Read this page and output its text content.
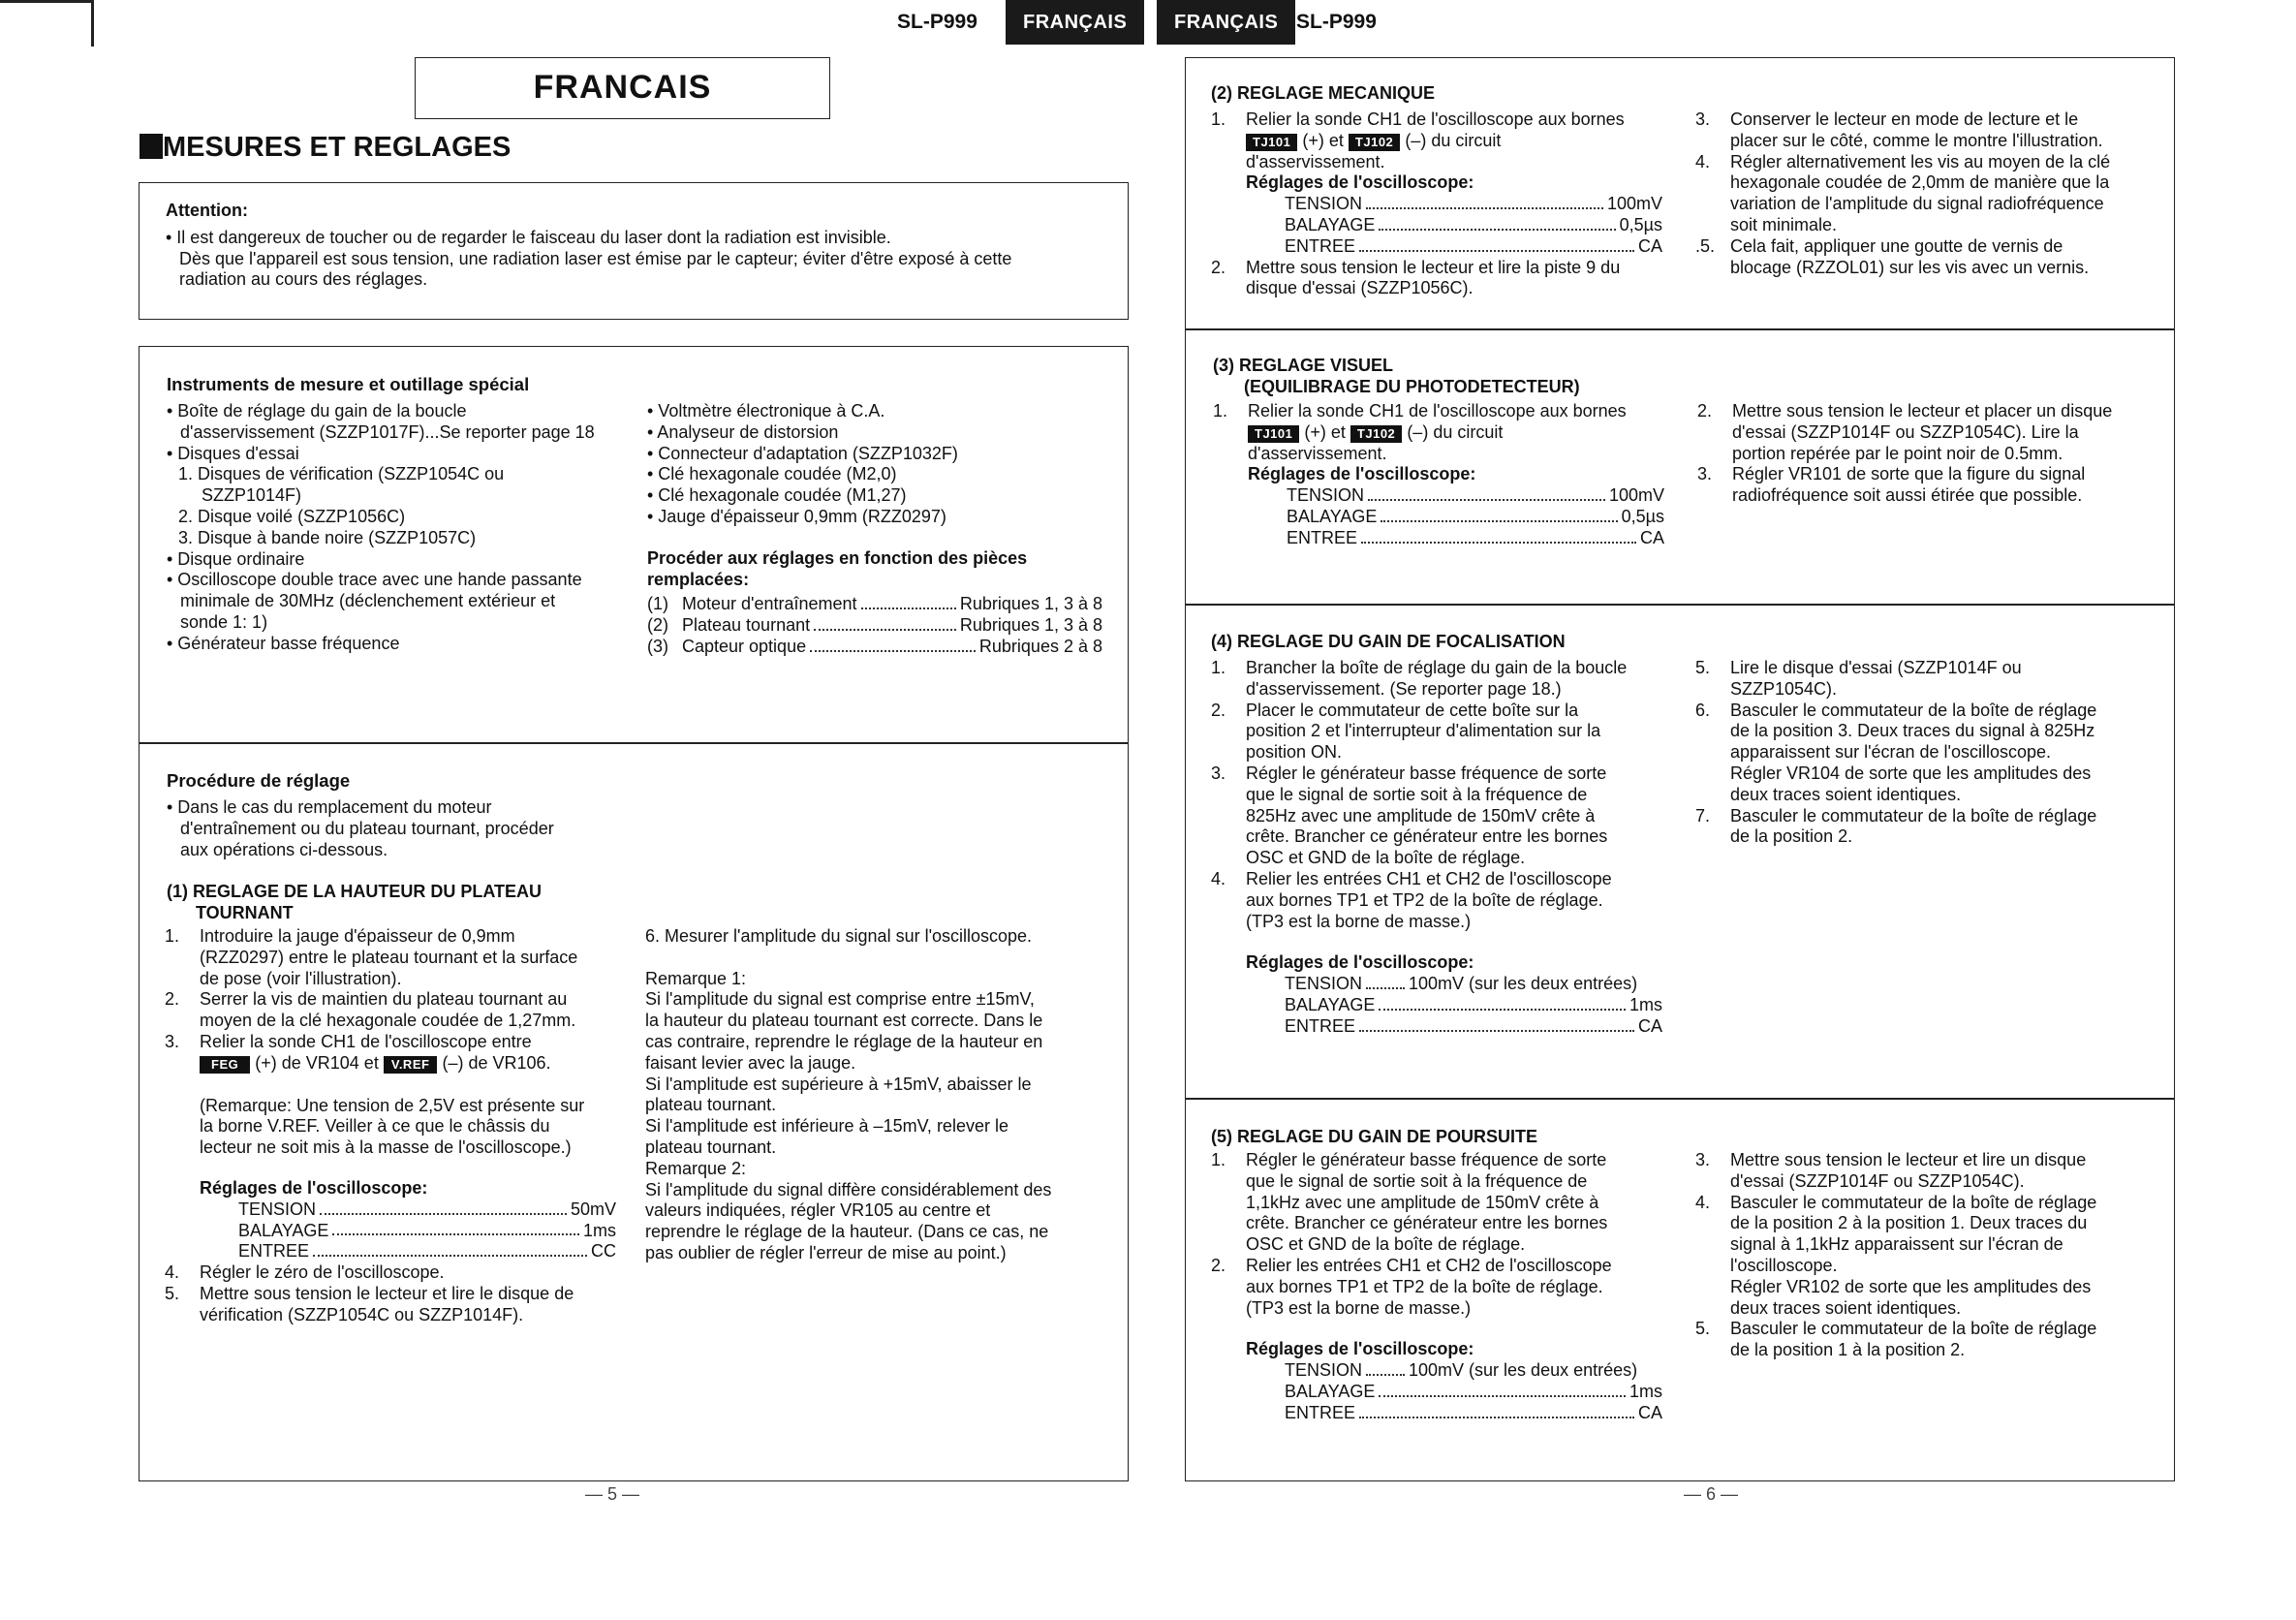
SL-P999	FRANÇAIS	FRANÇAIS SL-P999
FRANCAIS
MESURES ET REGLAGES
Attention:
• Il est dangereux de toucher ou de regarder le faisceau du laser dont la radiation est invisible.
Dès que l'appareil est sous tension, une radiation laser est émise par le capteur; éviter d'être exposé à cette
radiation au cours des réglages.
Instruments de mesure et outillage spécial
• Boîte de réglage du gain de la boucle
d'asservissement (SZZP1017F)...Se reporter page 18
• Disques d'essai
1. Disques de vérification (SZZP1054C ou
SZZP1014F)
2. Disque voilé (SZZP1056C)
3. Disque à bande noire (SZZP1057C)
• Disque ordinaire
• Oscilloscope double trace avec une hande passante
minimale de 30MHz (déclenchement extérieur et
sonde 1: 1)
• Générateur basse fréquence
• Voltmètre électronique à C.A.
• Analyseur de distorsion
• Connecteur d'adaptation (SZZP1032F)
• Clé hexagonale coudée (M2,0)
• Clé hexagonale coudée (M1,27)
• Jauge d'épaisseur 0,9mm (RZZ0297)
Procéder aux réglages en fonction des pièces
remplacées:
(1) Moteur d'entraînement	Rubriques 1, 3 à 8
(2) Plateau tournant	Rubriques 1, 3 à 8
(3) Capteur optique	Rubriques 2 à 8
Procédure de réglage
• Dans le cas du remplacement du moteur
d'entraînement ou du plateau tournant, procéder
aux opérations ci-dessous.
(1) REGLAGE DE LA HAUTEUR DU PLATEAU
TOURNANT
1. Introduire la jauge d'épaisseur de 0,9mm
(RZZ0297) entre le plateau tournant et la surface
de pose (voir l'illustration).
2. Serrer la vis de maintien du plateau tournant au
moyen de la clé hexagonale coudée de 1,27mm.
3. Relier la sonde CH1 de l'oscilloscope entre
FEG (+) de VR104 et V.REF (–) de VR106.
(Remarque: Une tension de 2,5V est présente sur
la borne V.REF. Veiller à ce que le châssis du
lecteur ne soit mis à la masse de l'oscilloscope.)
Réglages de l'oscilloscope:
TENSION	50mV
BALAYAGE	1ms
ENTREE	CC
4. Régler le zéro de l'oscilloscope.
5. Mettre sous tension le lecteur et lire le disque de
vérification (SZZP1054C ou SZZP1014F).
6. Mesurer l'amplitude du signal sur l'oscilloscope.
Remarque 1:
Si l'amplitude du signal est comprise entre ±15mV,
la hauteur du plateau tournant est correcte. Dans le
cas contraire, reprendre le réglage de la hauteur en
faisant levier avec la jauge.
Si l'amplitude est supérieure à +15mV, abaisser le
plateau tournant.
Si l'amplitude est inférieure à –15mV, relever le
plateau tournant.
Remarque 2:
Si l'amplitude du signal diffère considérablement des
valeurs indiquées, régler VR105 au centre et
reprendre le réglage de la hauteur. (Dans ce cas, ne
pas oublier de régler l'erreur de mise au point.)
— 5 —
(2) REGLAGE MECANIQUE
1. Relier la sonde CH1 de l'oscilloscope aux bornes
TJ101 (+) et TJ102 (–) du circuit
d'asservissement.
Réglages de l'oscilloscope:
TENSION	100mV
BALAYAGE	0,5µs
ENTREE	CA
2. Mettre sous tension le lecteur et lire la piste 9 du
disque d'essai (SZZP1056C).
3. Conserver le lecteur en mode de lecture et le
placer sur le côté, comme le montre l'illustration.
4. Régler alternativement les vis au moyen de la clé
hexagonale coudée de 2,0mm de manière que la
variation de l'amplitude du signal radiofréquence
soit minimale.
.5. Cela fait, appliquer une goutte de vernis de
blocage (RZZOL01) sur les vis avec un vernis.
(3) REGLAGE VISUEL
(EQUILIBRAGE DU PHOTODETECTEUR)
1. Relier la sonde CH1 de l'oscilloscope aux bornes
TJ101 (+) et TJ102 (–) du circuit
d'asservissement.
Réglages de l'oscilloscope:
TENSION	100mV
BALAYAGE	0,5µs
ENTREE	CA
2. Mettre sous tension le lecteur et placer un disque
d'essai (SZZP1014F ou SZZP1054C). Lire la
portion repérée par le point noir de 0.5mm.
3. Régler VR101 de sorte que la figure du signal
radiofréquence soit aussi étirée que possible.
(4) REGLAGE DU GAIN DE FOCALISATION
1. Brancher la boîte de réglage du gain de la boucle
d'asservissement. (Se reporter page 18.)
2. Placer le commutateur de cette boîte sur la
position 2 et l'interrupteur d'alimentation sur la
position ON.
3. Régler le générateur basse fréquence de sorte
que le signal de sortie soit à la fréquence de
825Hz avec une amplitude de 150mV crête à
crête. Brancher ce générateur entre les bornes
OSC et GND de la boîte de réglage.
4. Relier les entrées CH1 et CH2 de l'oscilloscope
aux bornes TP1 et TP2 de la boîte de réglage.
(TP3 est la borne de masse.)
Réglages de l'oscilloscope:
TENSION	100mV (sur les deux entrées)
BALAYAGE	1ms
ENTREE	CA
5. Lire le disque d'essai (SZZP1014F ou
SZZP1054C).
6. Basculer le commutateur de la boîte de réglage
de la position 3. Deux traces du signal à 825Hz
apparaissent sur l'écran de l'oscilloscope.
Régler VR104 de sorte que les amplitudes des
deux traces soient identiques.
7. Basculer le commutateur de la boîte de réglage
de la position 2.
(5) REGLAGE DU GAIN DE POURSUITE
1. Régler le générateur basse fréquence de sorte
que le signal de sortie soit à la fréquence de
1,1kHz avec une amplitude de 150mV crête à
crête. Brancher ce générateur entre les bornes
OSC et GND de la boîte de réglage.
2. Relier les entrées CH1 et CH2 de l'oscilloscope
aux bornes TP1 et TP2 de la boîte de réglage.
(TP3 est la borne de masse.)
Réglages de l'oscilloscope:
TENSION	100mV (sur les deux entrées)
BALAYAGE	1ms
ENTREE	CA
3. Mettre sous tension le lecteur et lire un disque
d'essai (SZZP1014F ou SZZP1054C).
4. Basculer le commutateur de la boîte de réglage
de la position 2 à la position 1. Deux traces du
signal à 1,1kHz apparaissent sur l'écran de
l'oscilloscope.
Régler VR102 de sorte que les amplitudes des
deux traces soient identiques.
5. Basculer le commutateur de la boîte de réglage
de la position 1 à la position 2.
— 6 —
